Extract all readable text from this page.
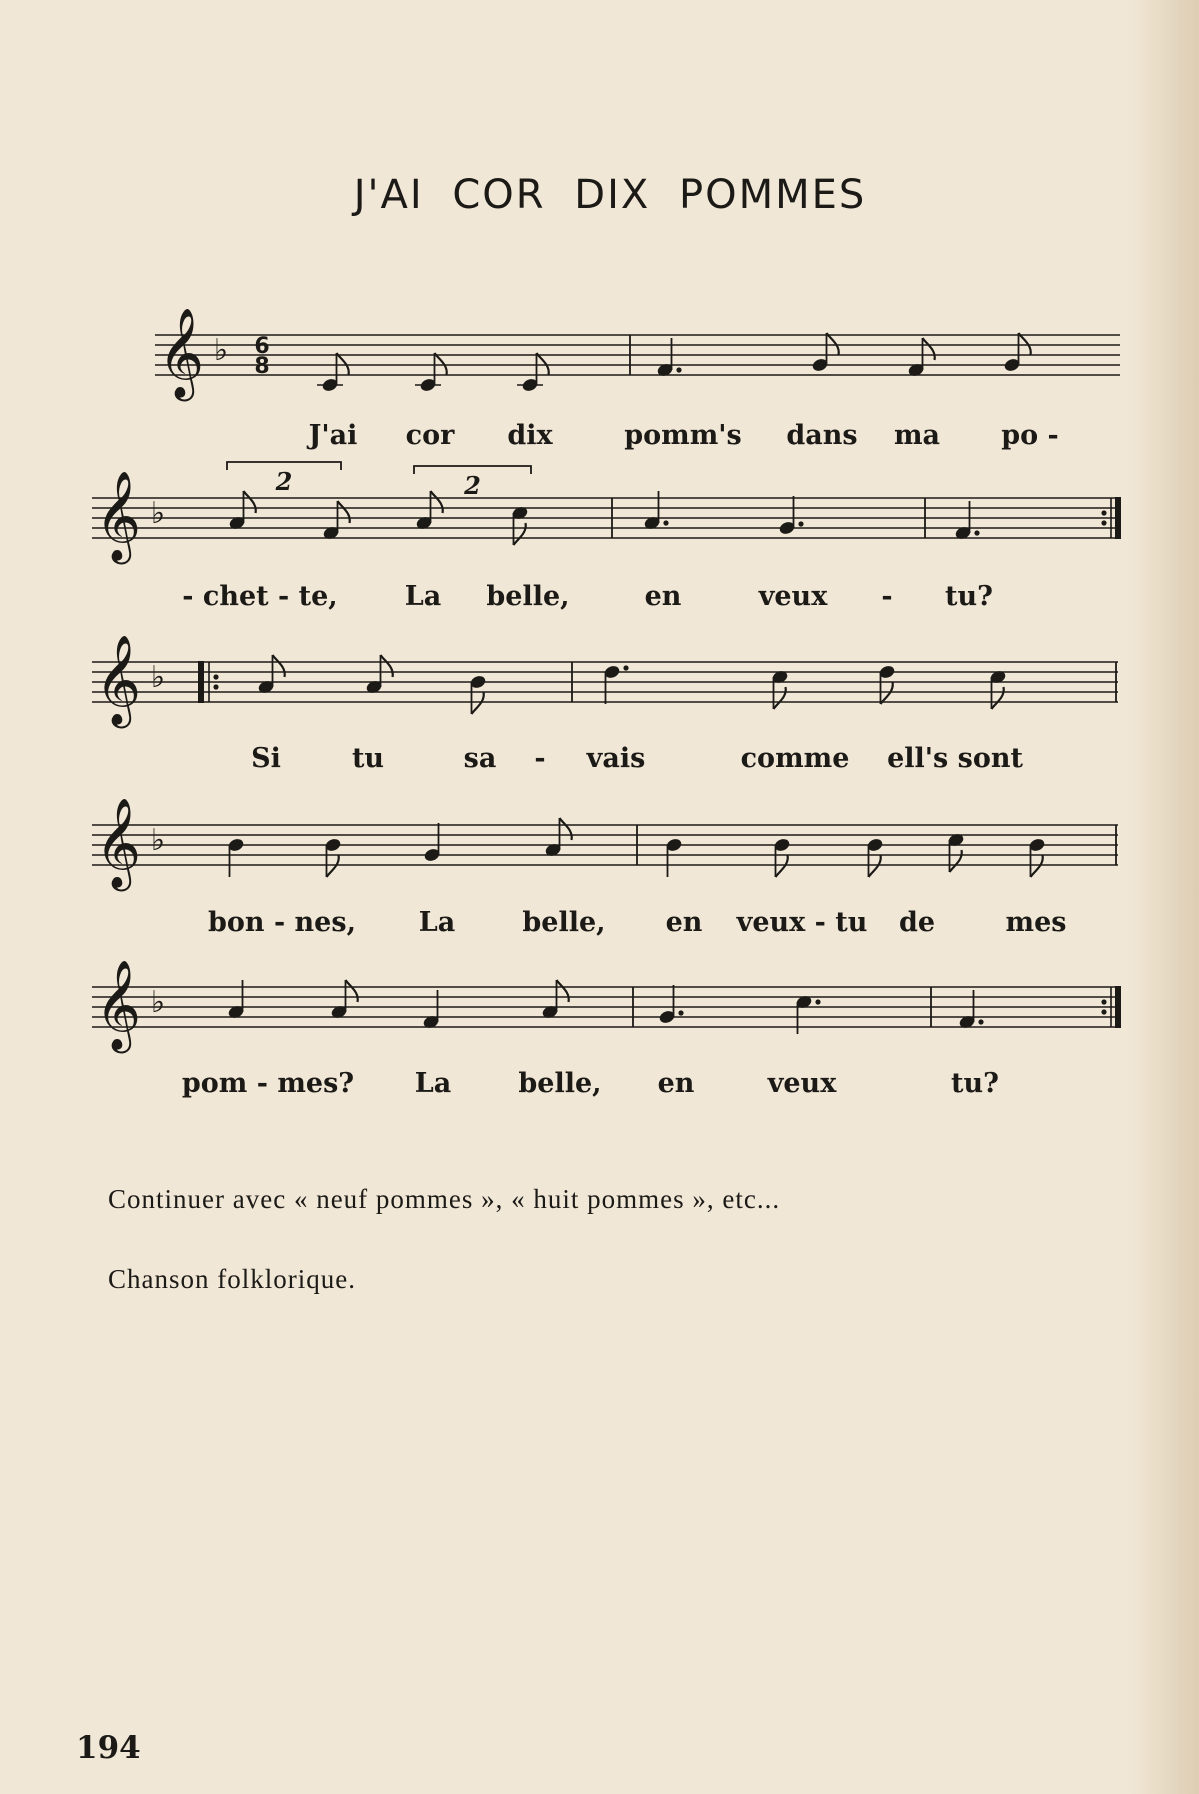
J'AI COR DIX POMMES
𝄞 ♭
𝄞 ♭
𝄞 ♭
𝄞 ♭
𝄞 ♭
6
8
2	2
J'ai cor dix	pomm's dans ma po -
- chet - te, La belle,	en	veux - tu?
Si	tu	sa - vais	comme ell's sont
bon - nes, La belle, en veux - tu de	mes
pom - mes? La belle, en	veux	tu?
Continuer avec « neuf pommes », « huit pommes », etc...
Chanson folklorique.
194
